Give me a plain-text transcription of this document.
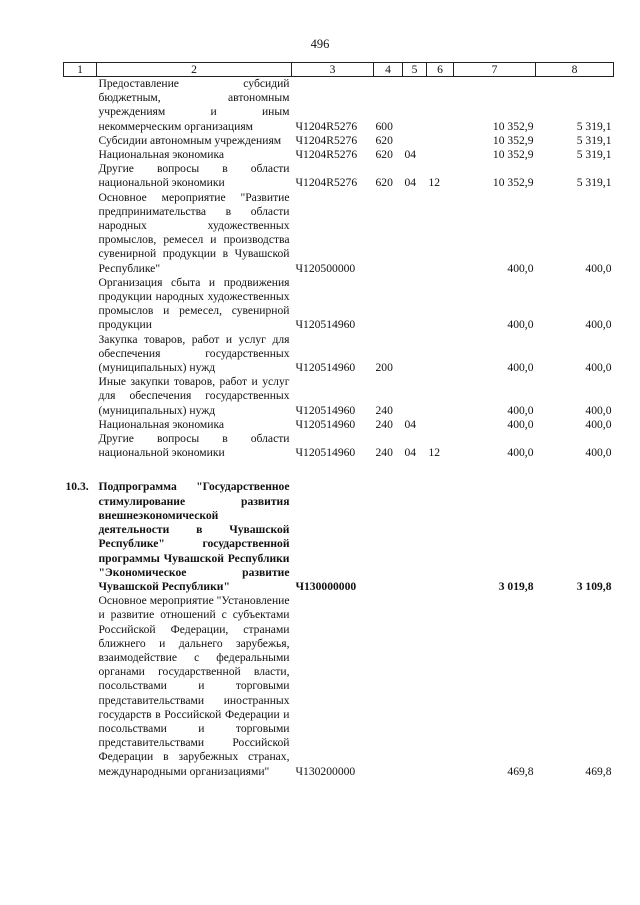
496
1	2	3	4	5	6	7	8
	Предоставление субсидий бюджетным, автономным учреждениям и иным некоммерческим организациям	Ч1204R5276	600			10 352,9	5 319,1
	Субсидии автономным учреждениям	Ч1204R5276	620			10 352,9	5 319,1
	Национальная экономика	Ч1204R5276	620	04		10 352,9	5 319,1
	Другие вопросы в области национальной экономики	Ч1204R5276	620	04	12	10 352,9	5 319,1
	Основное мероприятие "Развитие предпринимательства в области народных художественных промыслов, ремесел и производства сувенирной продукции в Чувашской Республике"	Ч120500000				400,0	400,0
	Организация сбыта и продвижения продукции народных художественных промыслов и ремесел, сувенирной продукции	Ч120514960				400,0	400,0
	Закупка товаров, работ и услуг для обеспечения государственных (муниципальных) нужд	Ч120514960	200			400,0	400,0
	Иные закупки товаров, работ и услуг для обеспечения государственных (муниципальных) нужд	Ч120514960	240			400,0	400,0
	Национальная экономика	Ч120514960	240	04		400,0	400,0
	Другие вопросы в области национальной экономики	Ч120514960	240	04	12	400,0	400,0

10.3.	Подпрограмма "Государственное стимулирование развития внешнеэкономической деятельности в Чувашской Республике" государственной программы Чувашской Республики "Экономическое развитие Чувашской Республики"	Ч130000000				3 019,8	3 109,8
	Основное мероприятие "Установление и развитие отношений с субъектами Российской Федерации, странами ближнего и дальнего зарубежья, взаимодействие с федеральными органами государственной власти, посольствами и торговыми представительствами иностранных государств в Российской Федерации и посольствами и торговыми представительствами Российской Федерации в зарубежных странах, международными организациями"	Ч130200000				469,8	469,8
